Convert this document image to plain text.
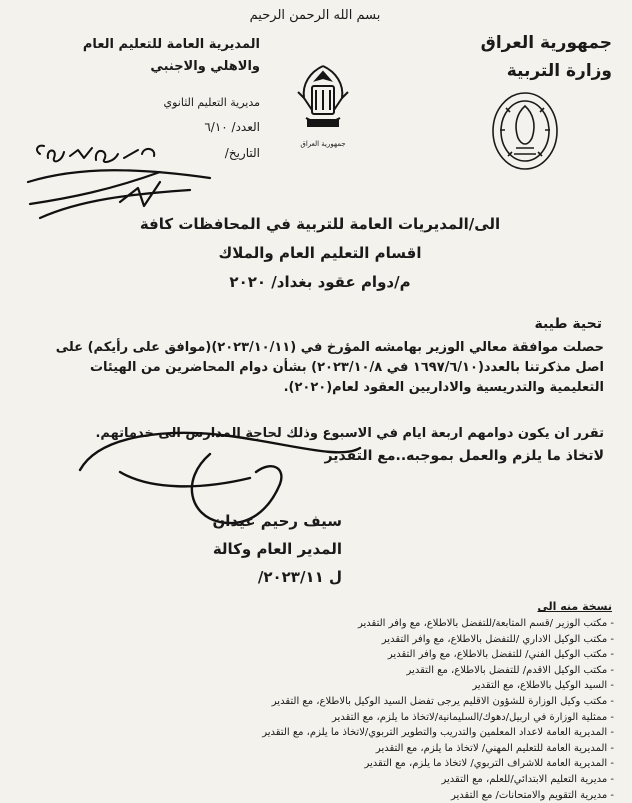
بسم الله الرحمن الرحيم
جمهورية العراق
وزارة التربية
المديرية العامة للتعليم العام
والاهلي والاجنبي
مديرية التعليم الثانوي
العدد/ ٦/١٠
التاريخ/
جمهورية العراق
الى/المديريات العامة للتربية في المحافظات كافة
اقسام التعليم العام والملاك
م/دوام عقود بغداد/ ٢٠٢٠
تحية طيبة
حصلت موافقة معالي الوزير بهامشه المؤرخ في (٢٠٢٣/١٠/١١)(موافق على رأيكم) على اصل مذكرتنا بالعدد(١٦٩٧/٦/١٠ في ٢٠٢٣/١٠/٨) بشأن دوام المحاضرين من الهيئات التعليمية والتدريسية والاداريين العقود لعام(٢٠٢٠).
تقرر ان يكون دوامهم اربعة ايام في الاسبوع وذلك لحاجة المدارس الى خدماتهم.
لاتخاذ ما يلزم والعمل بموجبه..مع التقدير
سيف رحيم عيدان
المدير العام وكالة
ل ٢٠٢٣/١١/
نسخة منه الى
- مكتب الوزير /قسم المتابعة/للتفضل بالاطلاع، مع وافر التقدير
- مكتب الوكيل الاداري /للتفضل بالاطلاع، مع وافر التقدير
- مكتب الوكيل الفني/ للتفضل بالاطلاع، مع وافر التقدير
- مكتب الوكيل الاقدم/ للتفضل بالاطلاع، مع التقدير
- السيد الوكيل بالاطلاع، مع التقدير
- مكتب وكيل الوزارة للشؤون الاقليم يرجى تفضل السيد الوكيل بالاطلاع، مع التقدير
- ممثلية الوزارة في اربيل/دهوك/السليمانية/لاتخاذ ما يلزم، مع التقدير
- المديرية العامة لاعداد المعلمين والتدريب والتطوير التربوي/لاتخاذ ما يلزم، مع التقدير
- المديرية العامة للتعليم المهني/ لاتخاذ ما يلزم، مع التقدير
- المديرية العامة للاشراف التربوي/ لاتخاذ ما يلزم، مع التقدير
- مديرية التعليم الابتدائي/للعلم، مع التقدير
- مديرية التقويم والامتحانات/ مع التقدير
